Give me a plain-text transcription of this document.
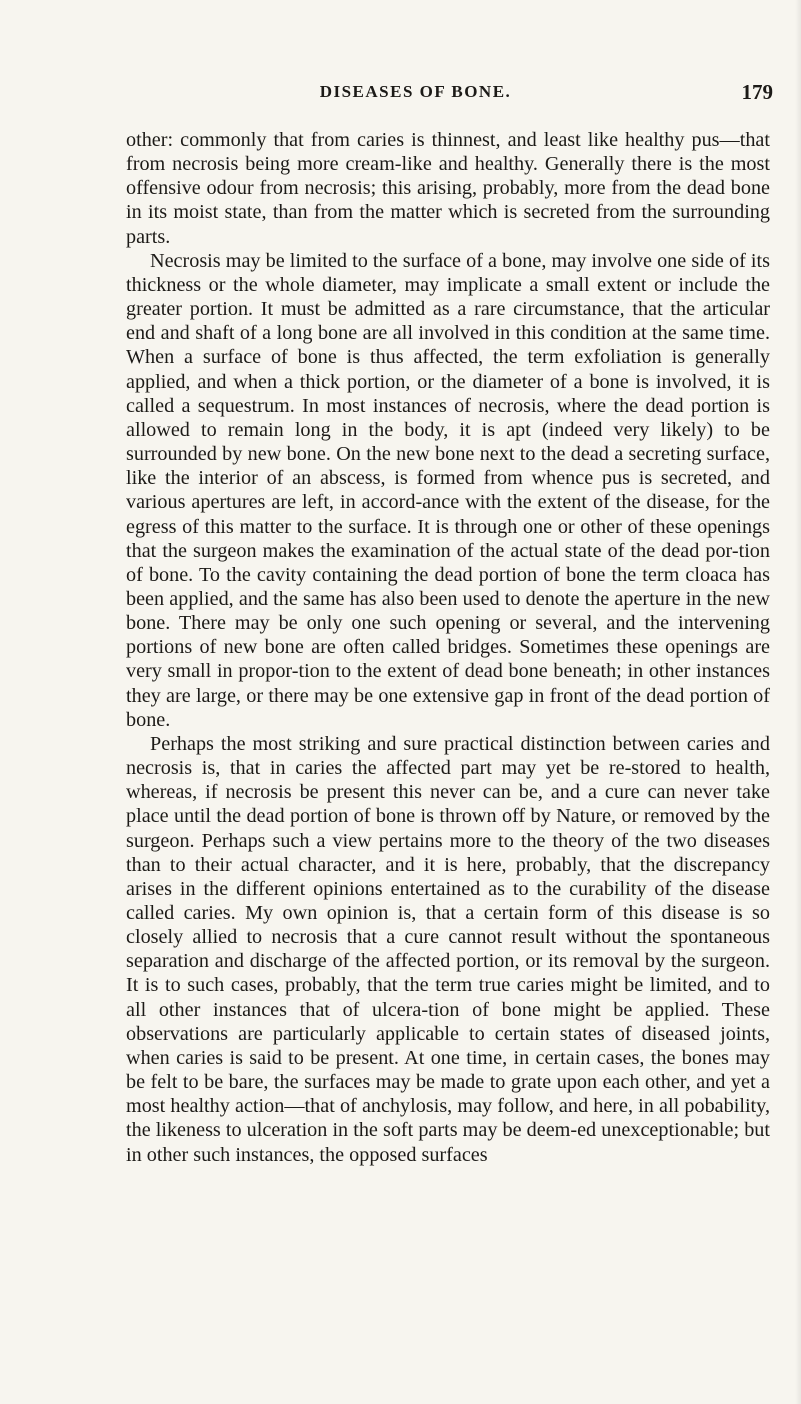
DISEASES OF BONE.	179

other: commonly that from caries is thinnest, and least like healthy pus—that from necrosis being more cream-like and healthy. Generally there is the most offensive odour from necrosis; this arising, probably, more from the dead bone in its moist state, than from the matter which is secreted from the surrounding parts.

Necrosis may be limited to the surface of a bone, may involve one side of its thickness or the whole diameter, may implicate a small extent or include the greater portion. It must be admitted as a rare circumstance, that the articular end and shaft of a long bone are all involved in this condition at the same time. When a surface of bone is thus affected, the term exfoliation is generally applied, and when a thick portion, or the diameter of a bone is involved, it is called a sequestrum. In most instances of necrosis, where the dead portion is allowed to remain long in the body, it is apt (indeed very likely) to be surrounded by new bone. On the new bone next to the dead a secreting surface, like the interior of an abscess, is formed from whence pus is secreted, and various apertures are left, in accord-ance with the extent of the disease, for the egress of this matter to the surface. It is through one or other of these openings that the surgeon makes the examination of the actual state of the dead por-tion of bone. To the cavity containing the dead portion of bone the term cloaca has been applied, and the same has also been used to denote the aperture in the new bone. There may be only one such opening or several, and the intervening portions of new bone are often called bridges. Sometimes these openings are very small in propor-tion to the extent of dead bone beneath; in other instances they are large, or there may be one extensive gap in front of the dead portion of bone.

Perhaps the most striking and sure practical distinction between caries and necrosis is, that in caries the affected part may yet be re-stored to health, whereas, if necrosis be present this never can be, and a cure can never take place until the dead portion of bone is thrown off by Nature, or removed by the surgeon. Perhaps such a view pertains more to the theory of the two diseases than to their actual character, and it is here, probably, that the discrepancy arises in the different opinions entertained as to the curability of the disease called caries. My own opinion is, that a certain form of this disease is so closely allied to necrosis that a cure cannot result without the spontaneous separation and discharge of the affected portion, or its removal by the surgeon. It is to such cases, probably, that the term true caries might be limited, and to all other instances that of ulcera-tion of bone might be applied. These observations are particularly applicable to certain states of diseased joints, when caries is said to be present. At one time, in certain cases, the bones may be felt to be bare, the surfaces may be made to grate upon each other, and yet a most healthy action—that of anchylosis, may follow, and here, in all pobability, the likeness to ulceration in the soft parts may be deem-ed unexceptionable; but in other such instances, the opposed surfaces
